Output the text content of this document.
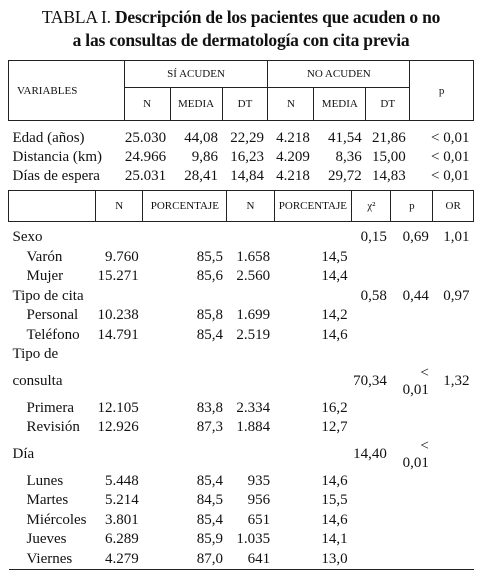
TABLA I. Descripción de los pacientes que acuden o no
a las consultas de dermatología con cita previa
VARIABLES	SÍ ACUDEN			NO ACUDEN			p
	N	MEDIA	DT	N	MEDIA	DT	
Edad (años)	25.030	44,08	22,29	4.218	41,54	21,86	< 0,01
Distancia (km)	24.966	9,86	16,23	4.209	8,36	15,00	< 0,01
Días de espera	25.031	28,41	14,84	4.218	29,72	14,83	< 0,01
	N	PORCENTAJE	N	PORCENTAJE	χ²	p	OR
Sexo					0,15	0,69	1,01
Varón	9.760	85,5	1.658	14,5			
Mujer	15.271	85,6	2.560	14,4			
Tipo de cita					0,58	0,44	0,97
Personal	10.238	85,8	1.699	14,2			
Teléfono	14.791	85,4	2.519	14,6			
Tipo de							
consulta					70,34	< 0,01	1,32
Primera	12.105	83,8	2.334	16,2			
Revisión	12.926	87,3	1.884	12,7			
Día					14,40	< 0,01	
Lunes	5.448	85,4	935	14,6			
Martes	5.214	84,5	956	15,5			
Miércoles	3.801	85,4	651	14,6			
Jueves	6.289	85,9	1.035	14,1			
Viernes	4.279	87,0	641	13,0			
